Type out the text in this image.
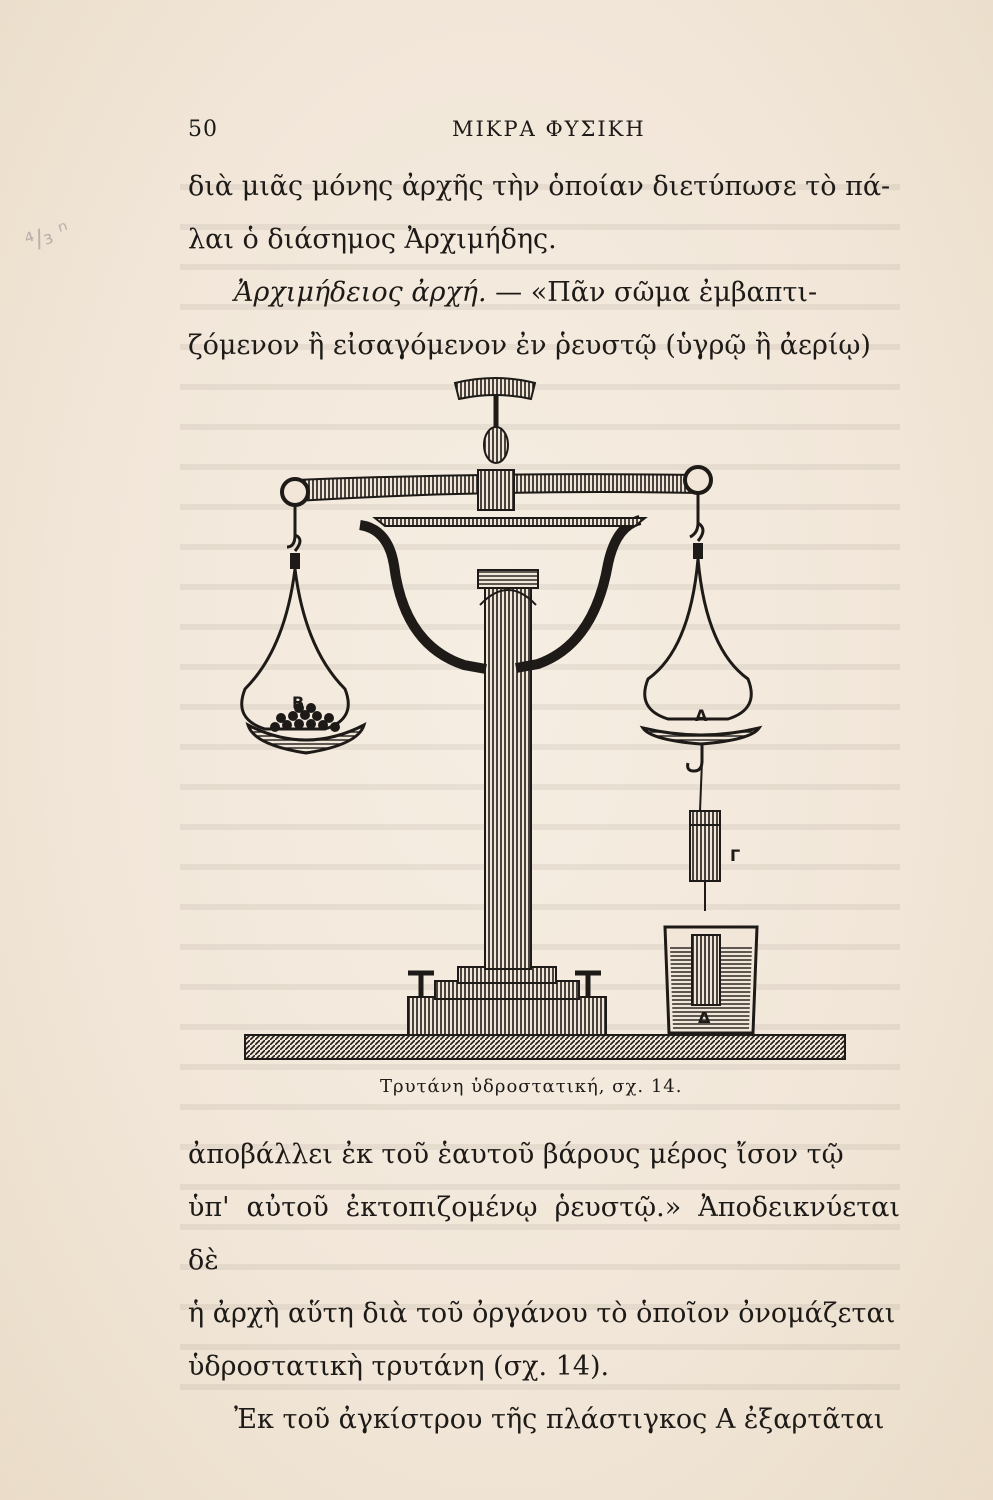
⁴/₃ ⁿ
50	ΜΙΚΡΑ ΦΥΣΙΚΗ

διὰ μιᾶς μόνης ἀρχῆς τὴν ὁποίαν διετύπωσε τὸ πά-

λαι ὁ διάσημος Ἀρχιμήδης.

Ἀρχιμήδειος ἀρχή. — «Πᾶν σῶμα ἐμβαπτι-

ζόμενον ἢ εἰσαγόμενον ἐν ῥευστῷ (ὑγρῷ ἢ ἀερίῳ)

B
A
Γ
Δ
Τρυτάνη ὑδροστατική, σχ. 14.

ἀποβάλλει ἐκ τοῦ ἑαυτοῦ βάρους μέρος ἴσον τῷ

ὑπ' αὐτοῦ ἐκτοπιζομένῳ ῥευστῷ.» Ἀποδεικνύεται δὲ

ἡ ἀρχὴ αὕτη διὰ τοῦ ὀργάνου τὸ ὁποῖον ὀνομάζεται

ὑδροστατικὴ τρυτάνη (σχ. 14).

Ἐκ τοῦ ἀγκίστρου τῆς πλάστιγκος Α ἐξαρτᾶται
